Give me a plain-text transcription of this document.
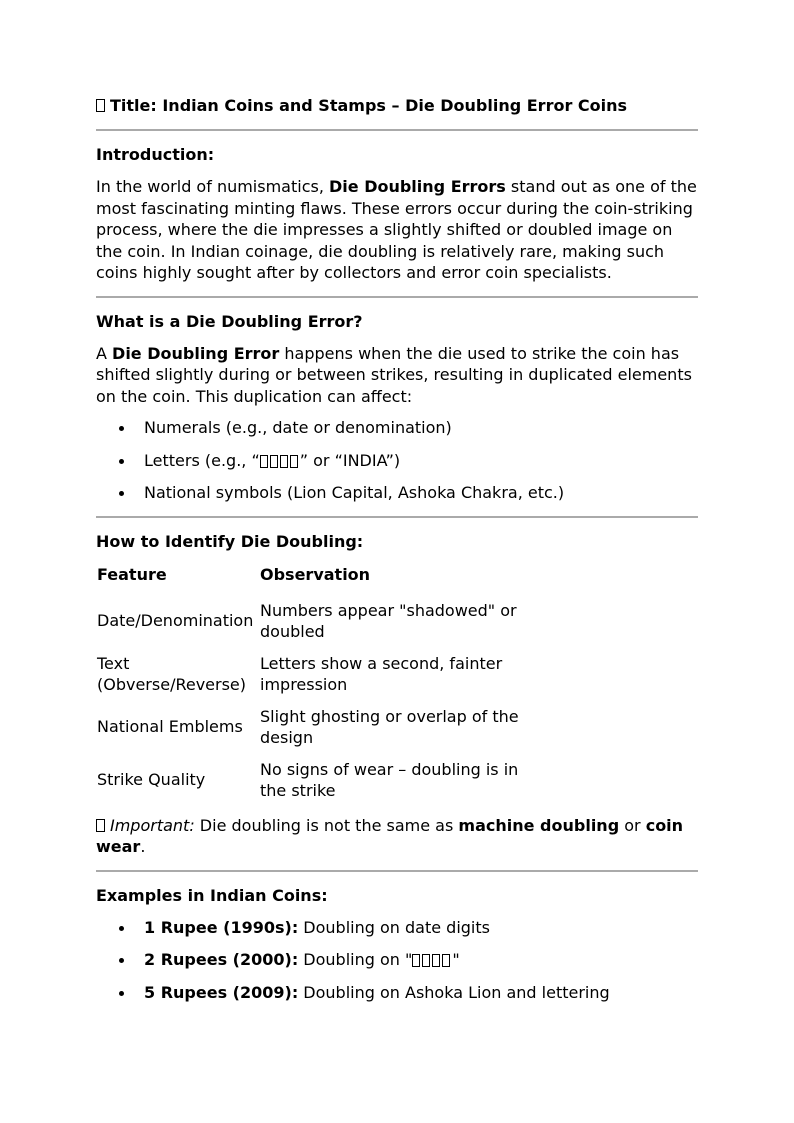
Title: Indian Coins and Stamps – Die Doubling Error Coins

Introduction:

In the world of numismatics, Die Doubling Errors stand out as one of the most fascinating minting flaws. These errors occur during the coin-striking process, where the die impresses a slightly shifted or doubled image on the coin. In Indian coinage, die doubling is relatively rare, making such coins highly sought after by collectors and error coin specialists.

What is a Die Doubling Error?

A Die Doubling Error happens when the die used to strike the coin has shifted slightly during or between strikes, resulting in duplicated elements on the coin. This duplication can affect:

Numerals (e.g., date or denomination)
Letters (e.g., “	” or “INDIA”)
National symbols (Lion Capital, Ashoka Chakra, etc.)
How to Identify Die Doubling:
Feature	Observation
Date/Denomination	Numbers appear "shadowed" or doubled
Text (Obverse/Reverse)	Letters show a second, fainter impression
National Emblems	Slight ghosting or overlap of the design
Strike Quality	No signs of wear – doubling is in the strike

Important: Die doubling is not the same as machine doubling or coin wear.

Examples in Indian Coins:
1 Rupee (1990s): Doubling on date digits
2 Rupees (2000): Doubling on "	"
5 Rupees (2009): Doubling on Ashoka Lion and lettering
